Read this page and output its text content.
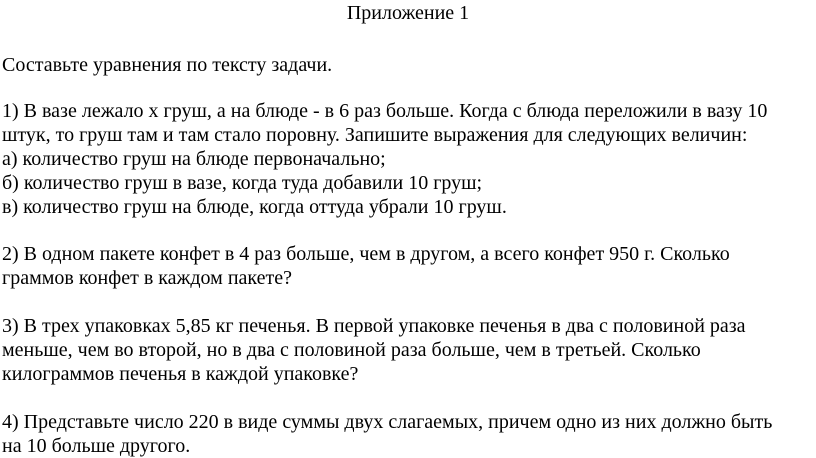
Приложение 1

Составьте уравнения по тексту задачи.

1) В вазе лежало х груш, а на блюде - в 6 раз больше. Когда с блюда переложили в вазу 10

штук, то груш там и там стало поровну. Запишите выражения для следующих величин:

а) количество груш на блюде первоначально;

б) количество груш в вазе, когда туда добавили 10 груш;

в) количество груш на блюде, когда оттуда убрали 10 груш.

2) В одном пакете конфет в 4 раз больше, чем в другом, а всего конфет 950 г. Сколько

граммов конфет в каждом пакете?

3) В трех упаковках 5,85 кг печенья. В первой упаковке печенья в два с половиной раза

меньше, чем во второй, но в два с половиной раза больше, чем в третьей. Сколько

килограммов печенья в каждой упаковке?

4) Представьте число 220 в виде суммы двух слагаемых, причем одно из них должно быть

на 10 больше другого.
